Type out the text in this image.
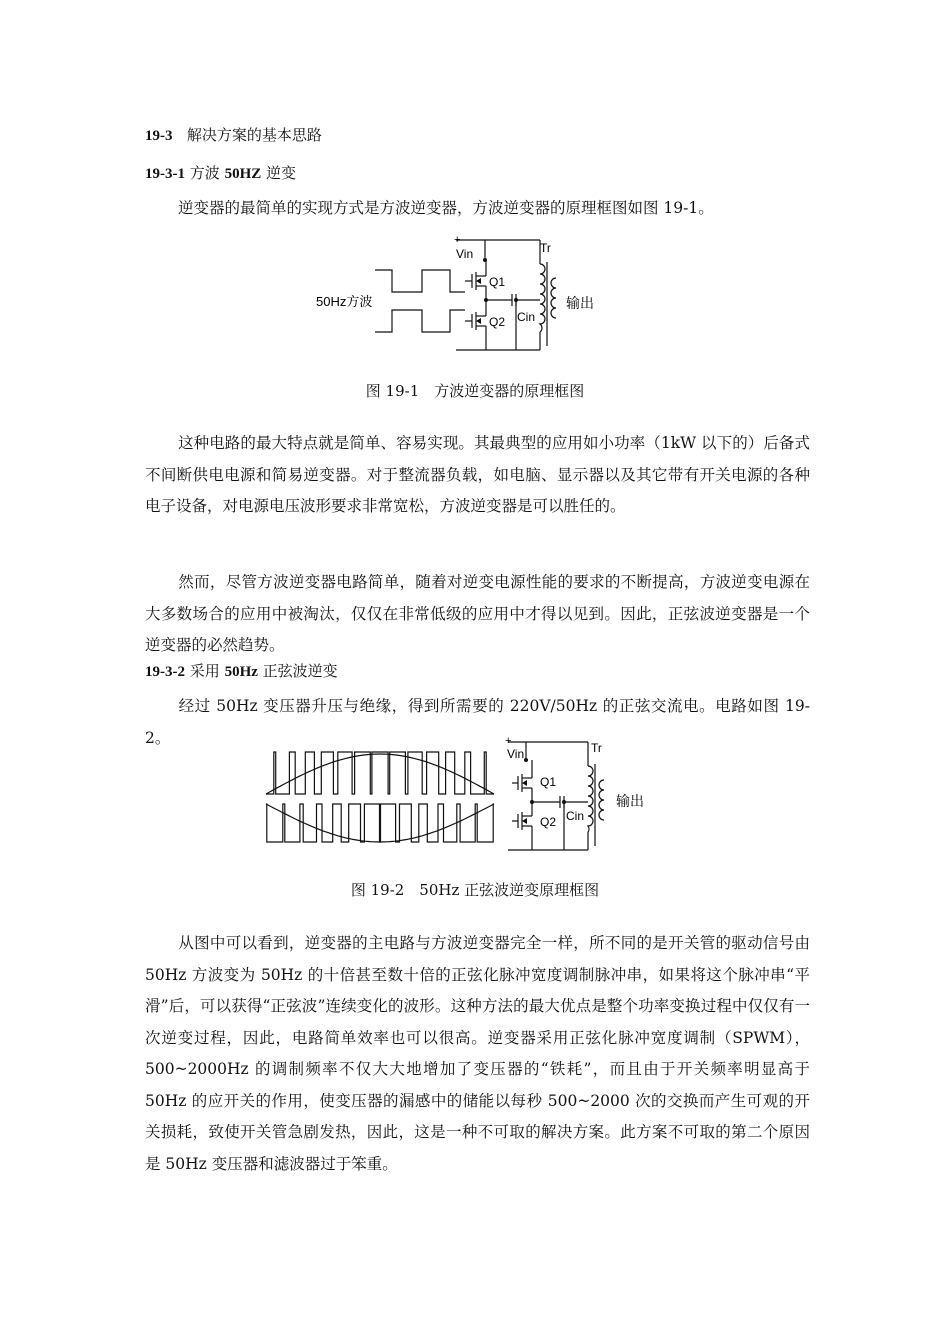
19-3 解决方案的基本思路
19-3-1 方波 50HZ 逆变

逆变器的最简单的实现方式是方波逆变器，方波逆变器的原理框图如图 19-1。

+
Vin	Tr
Q1
Q2 Cin
50Hz方波	输出
图 19-1　方波逆变器的原理框图

这种电路的最大特点就是简单、容易实现。其最典型的应用如小功率（1kW 以下的）后备式不间断供电电源和简易逆变器。对于整流器负载，如电脑、显示器以及其它带有开关电源的各种电子设备，对电源电压波形要求非常宽松，方波逆变器是可以胜任的。

然而，尽管方波逆变器电路简单，随着对逆变电源性能的要求的不断提高，方波逆变电源在大多数场合的应用中被淘汰，仅仅在非常低级的应用中才得以见到。因此，正弦波逆变器是一个逆变器的必然趋势。

19-3-2 采用 50Hz 正弦波逆变

经过 50Hz 变压器升压与绝缘，得到所需要的 220V/50Hz 的正弦交流电。电路如图 19-2。	+
Vin	Tr
Q1
Q2 Cin
输出
图 19-2　50Hz 正弦波逆变原理框图

从图中可以看到，逆变器的主电路与方波逆变器完全一样，所不同的是开关管的驱动信号由 50Hz 方波变为 50Hz 的十倍甚至数十倍的正弦化脉冲宽度调制脉冲串，如果将这个脉冲串“平滑”后，可以获得“正弦波”连续变化的波形。这种方法的最大优点是整个功率变换过程中仅仅有一次逆变过程，因此，电路简单效率也可以很高。逆变器采用正弦化脉冲宽度调制（SPWM），500~2000Hz 的调制频率不仅大大地增加了变压器的“铁耗”，而且由于开关频率明显高于 50Hz 的应开关的作用，使变压器的漏感中的储能以每秒 500~2000 次的交换而产生可观的开关损耗，致使开关管急剧发热，因此，这是一种不可取的解决方案。此方案不可取的第二个原因是 50Hz 变压器和滤波器过于笨重。
